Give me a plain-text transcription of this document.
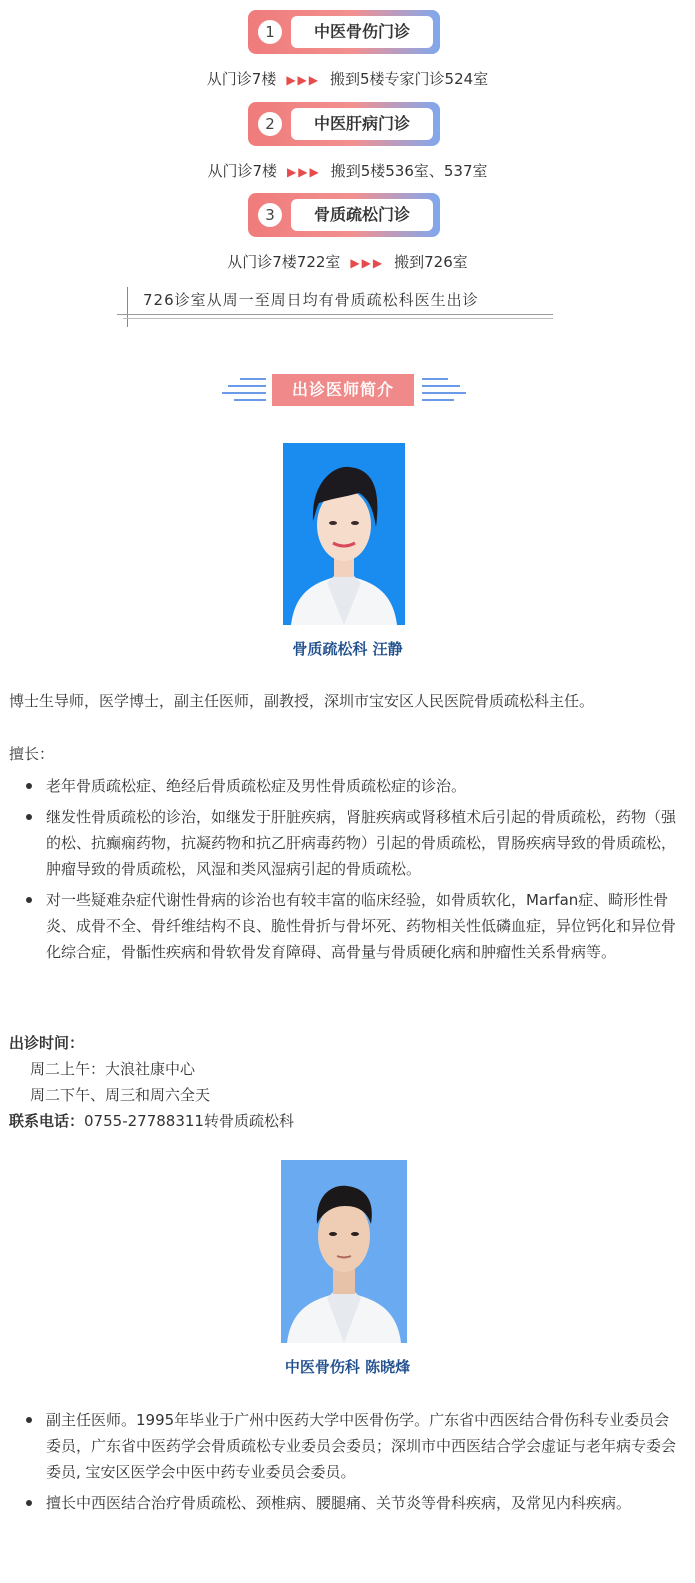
1	中医骨伤门诊
从门诊7楼 ▶▶▶ 搬到5楼专家门诊524室
2	中医肝病门诊
从门诊7楼 ▶▶▶ 搬到5楼536室、537室
3	骨质疏松门诊
从门诊7楼722室 ▶▶▶ 搬到726室
726诊室从周一至周日均有骨质疏松科医生出诊
出诊医师简介
骨质疏松科 汪静
博士生导师，医学博士，副主任医师，副教授，深圳市宝安区人民医院骨质疏松科主任。
擅长：
老年骨质疏松症、绝经后骨质疏松症及男性骨质疏松症的诊治。
继发性骨质疏松的诊治，如继发于肝脏疾病，肾脏疾病或肾移植术后引起的骨质疏松，药物（强的松、抗癫痫药物，抗凝药物和抗乙肝病毒药物）引起的骨质疏松，胃肠疾病导致的骨质疏松，肿瘤导致的骨质疏松，风湿和类风湿病引起的骨质疏松。
对一些疑难杂症代谢性骨病的诊治也有较丰富的临床经验，如骨质软化，Marfan症、畸形性骨炎、成骨不全、骨纤维结构不良、脆性骨折与骨坏死、药物相关性低磷血症，异位钙化和异位骨化综合症，骨骺性疾病和骨软骨发育障碍、高骨量与骨质硬化病和肿瘤性关系骨病等。
出诊时间：
周二上午：大浪社康中心
周二下午、周三和周六全天
联系电话：0755-27788311转骨质疏松科
中医骨伤科 陈晓烽
副主任医师。1995年毕业于广州中医药大学中医骨伤学。广东省中西医结合骨伤科专业委员会委员，广东省中医药学会骨质疏松专业委员会委员；深圳市中西医结合学会虚证与老年病专委会委员, 宝安区医学会中医中药专业委员会委员。
擅长中西医结合治疗骨质疏松、颈椎病、腰腿痛、关节炎等骨科疾病，及常见内科疾病。
